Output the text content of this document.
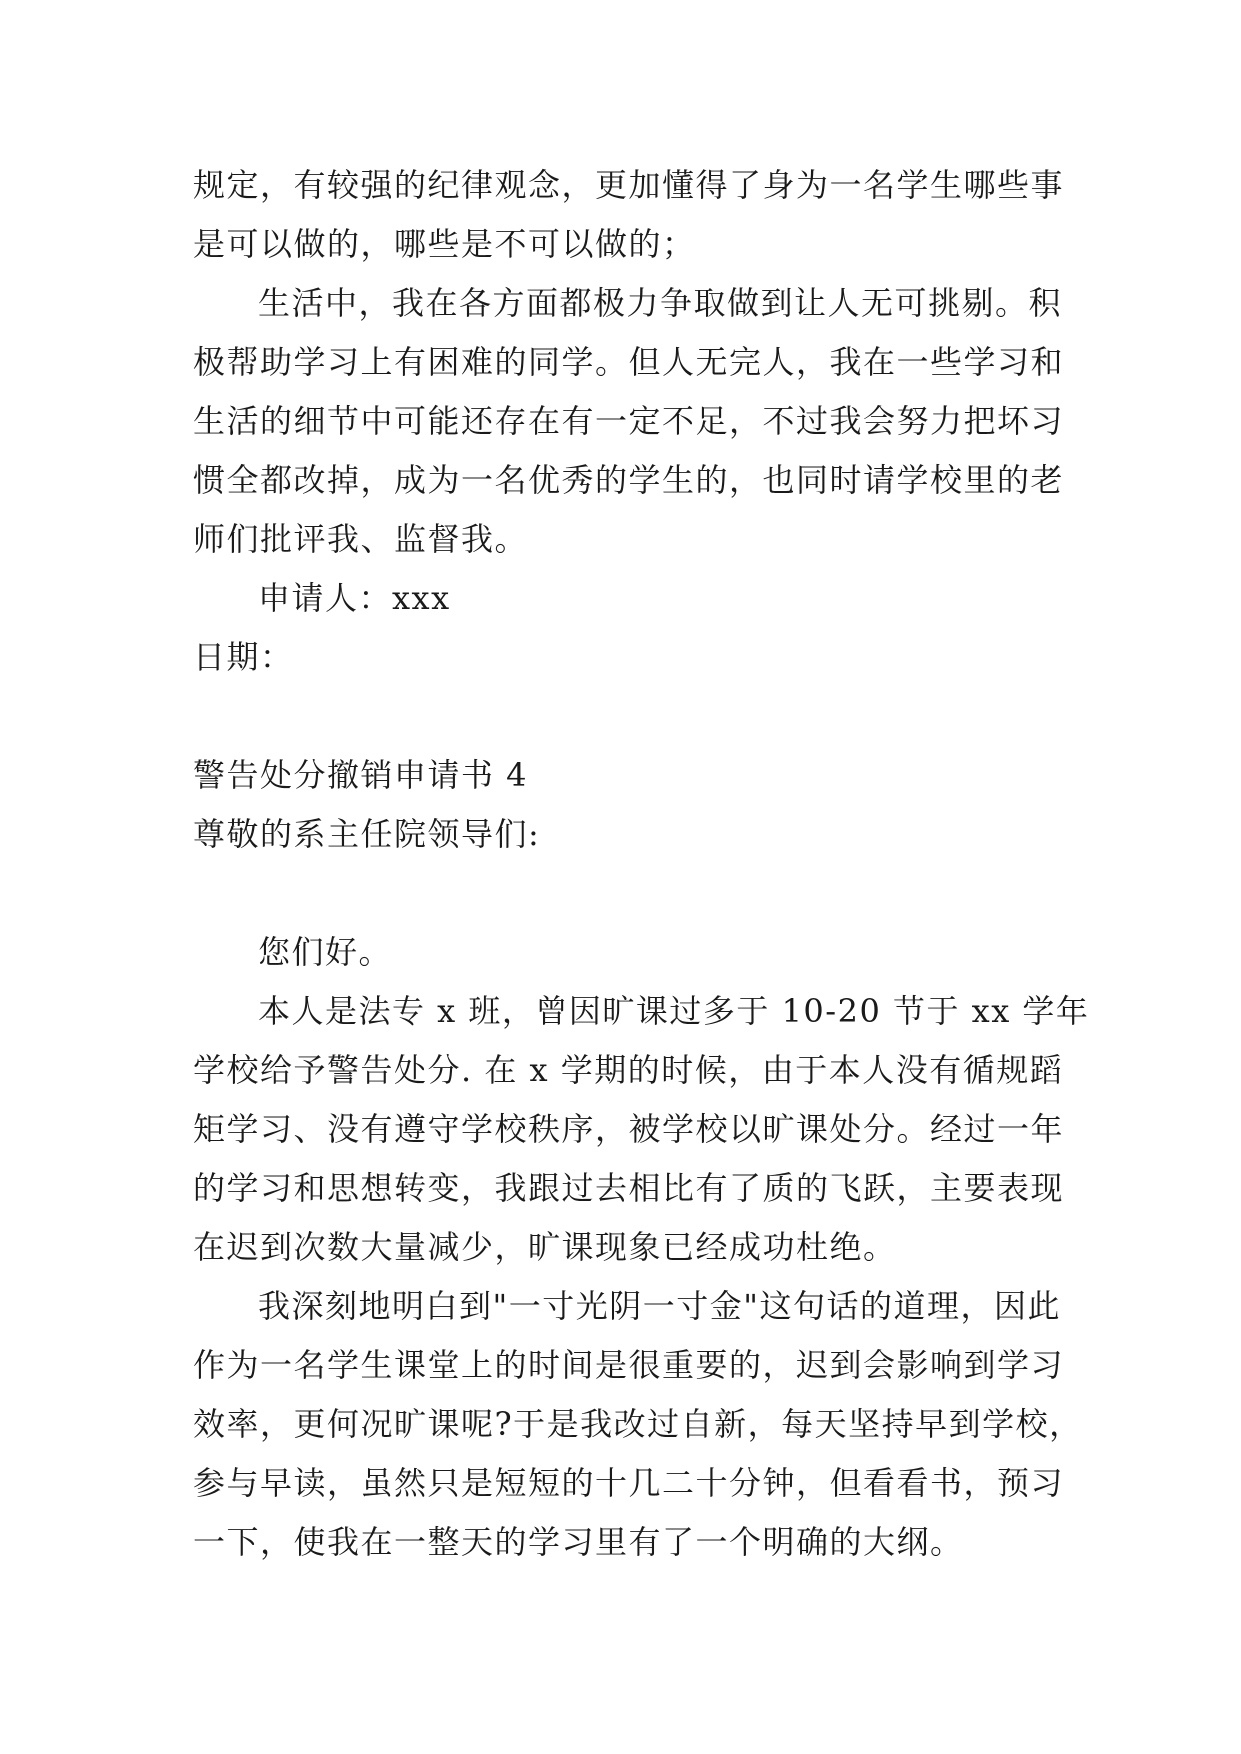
规定，有较强的纪律观念，更加懂得了身为一名学生哪些事
是可以做的，哪些是不可以做的；
生活中，我在各方面都极力争取做到让人无可挑剔。积
极帮助学习上有困难的同学。但人无完人，我在一些学习和
生活的细节中可能还存在有一定不足，不过我会努力把坏习
惯全都改掉，成为一名优秀的学生的，也同时请学校里的老
师们批评我、监督我。
申请人：xxx
日期：
警告处分撤销申请书 4
尊敬的系主任院领导们:
您们好。
本人是法专 x 班，曾因旷课过多于 10-20 节于 xx 学年
学校给予警告处分. 在 x 学期的时候，由于本人没有循规蹈
矩学习、没有遵守学校秩序，被学校以旷课处分。经过一年
的学习和思想转变，我跟过去相比有了质的飞跃，主要表现
在迟到次数大量减少，旷课现象已经成功杜绝。
我深刻地明白到"一寸光阴一寸金"这句话的道理，因此
作为一名学生课堂上的时间是很重要的，迟到会影响到学习
效率，更何况旷课呢?于是我改过自新，每天坚持早到学校，
参与早读，虽然只是短短的十几二十分钟，但看看书，预习
一下，使我在一整天的学习里有了一个明确的大纲。
